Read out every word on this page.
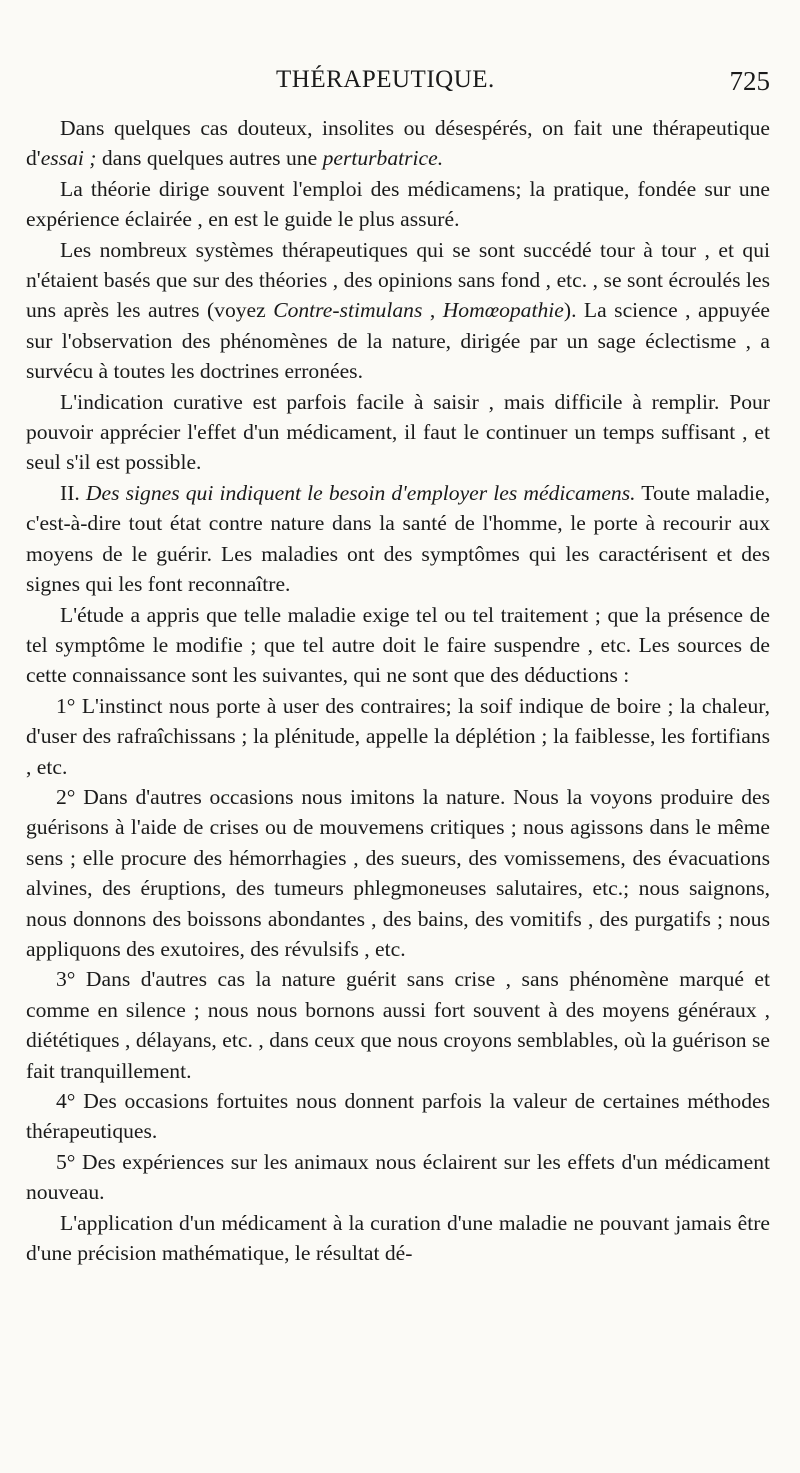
THÉRAPEUTIQUE.	725

Dans quelques cas douteux, insolites ou désespérés, on fait une thérapeutique d'essai ; dans quelques autres une perturbatrice.

La théorie dirige souvent l'emploi des médicamens; la pratique, fondée sur une expérience éclairée , en est le guide le plus assuré.

Les nombreux systèmes thérapeutiques qui se sont succédé tour à tour , et qui n'étaient basés que sur des théories , des opinions sans fond , etc. , se sont écroulés les uns après les autres (voyez Contre-stimulans , Homœopathie). La science , appuyée sur l'observation des phénomènes de la nature, dirigée par un sage éclectisme , a survécu à toutes les doctrines erronées.

L'indication curative est parfois facile à saisir , mais difficile à remplir. Pour pouvoir apprécier l'effet d'un médicament, il faut le continuer un temps suffisant , et seul s'il est possible.

II. Des signes qui indiquent le besoin d'employer les médicamens. Toute maladie, c'est-à-dire tout état contre nature dans la santé de l'homme, le porte à recourir aux moyens de le guérir. Les maladies ont des symptômes qui les caractérisent et des signes qui les font reconnaître.

L'étude a appris que telle maladie exige tel ou tel traitement ; que la présence de tel symptôme le modifie ; que tel autre doit le faire suspendre , etc. Les sources de cette connaissance sont les suivantes, qui ne sont que des déductions :

1° L'instinct nous porte à user des contraires; la soif indique de boire ; la chaleur, d'user des rafraîchissans ; la plénitude, appelle la déplétion ; la faiblesse, les fortifians , etc.

2° Dans d'autres occasions nous imitons la nature. Nous la voyons produire des guérisons à l'aide de crises ou de mouvemens critiques ; nous agissons dans le même sens ; elle procure des hémorrhagies , des sueurs, des vomissemens, des évacuations alvines, des éruptions, des tumeurs phlegmoneuses salutaires, etc.; nous saignons, nous donnons des boissons abondantes , des bains, des vomitifs , des purgatifs ; nous appliquons des exutoires, des révulsifs , etc.

3° Dans d'autres cas la nature guérit sans crise , sans phénomène marqué et comme en silence ; nous nous bornons aussi fort souvent à des moyens généraux , diététiques , délayans, etc. , dans ceux que nous croyons semblables, où la guérison se fait tranquillement.

4° Des occasions fortuites nous donnent parfois la valeur de certaines méthodes thérapeutiques.

5° Des expériences sur les animaux nous éclairent sur les effets d'un médicament nouveau.

L'application d'un médicament à la curation d'une maladie ne pouvant jamais être d'une précision mathématique, le résultat dé-
